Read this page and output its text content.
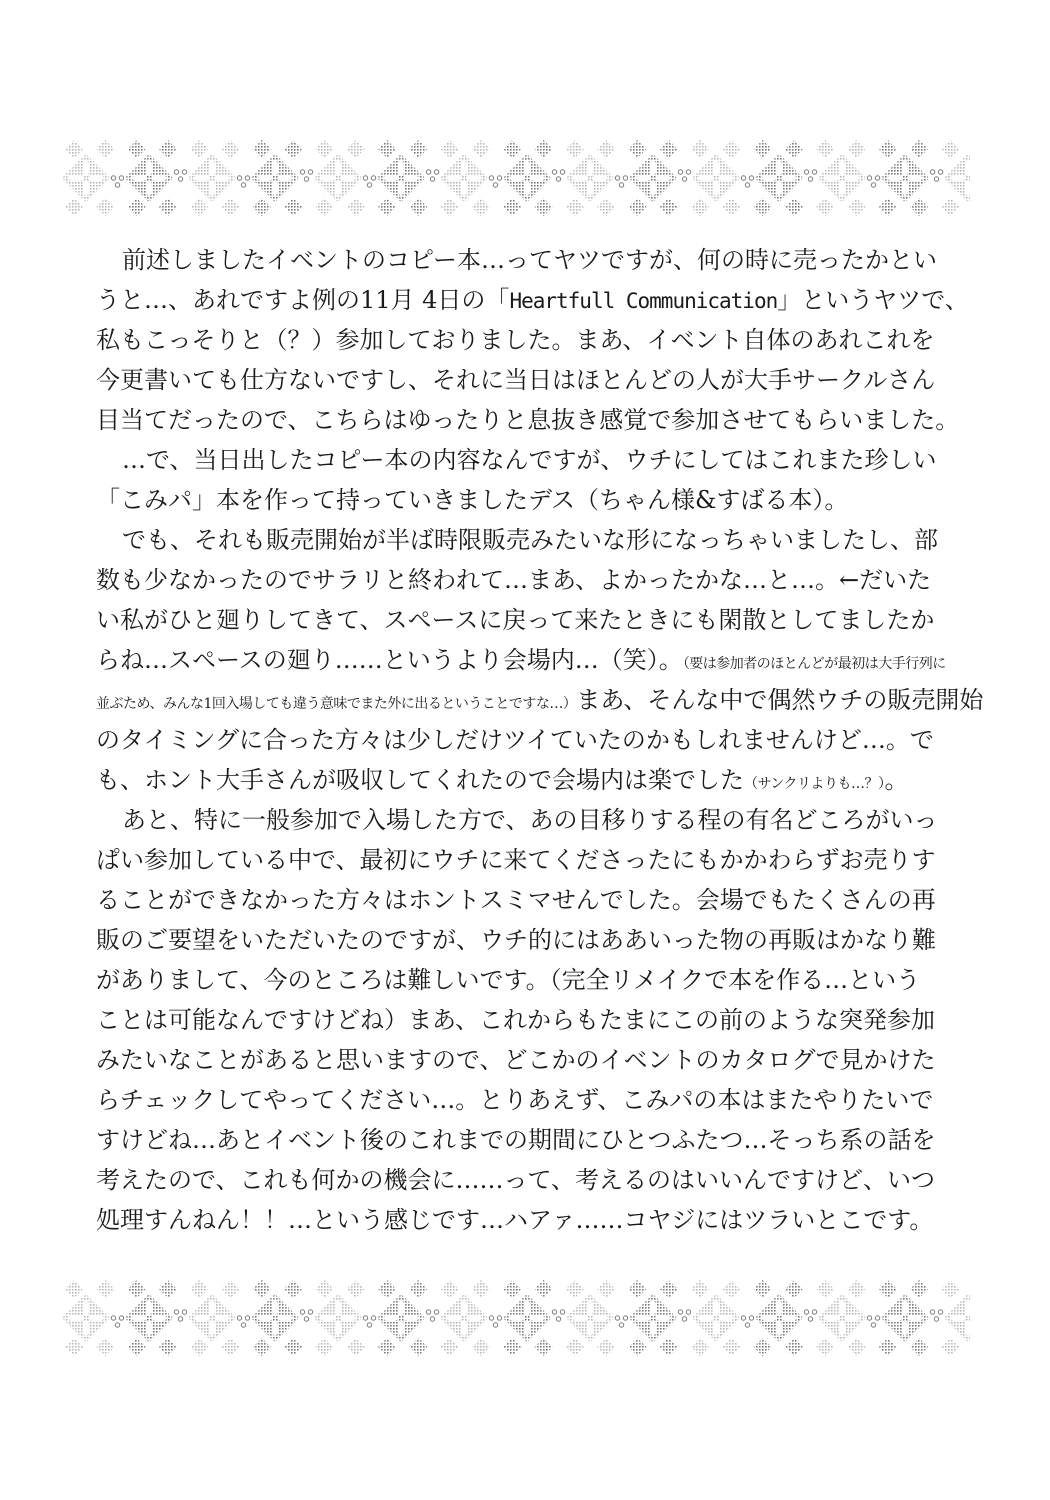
前述しましたイベントのコピー本…ってヤツですが、何の時に売ったかとい
うと…、あれですよ例の11月 4日の「Heartfull Communication」というヤツで、
私もこっそりと（？）参加しておりました。まあ、イベント自体のあれこれを
今更書いても仕方ないですし、それに当日はほとんどの人が大手サークルさん
目当てだったので、こちらはゆったりと息抜き感覚で参加させてもらいました。
…で、当日出したコピー本の内容なんですが、ウチにしてはこれまた珍しい
「こみパ」本を作って持っていきましたデス（ちゃん様&すばる本）。
でも、それも販売開始が半ば時限販売みたいな形になっちゃいましたし、部
数も少なかったのでサラリと終われて…まあ、よかったかな…と…。←だいた
い私がひと廻りしてきて、スペースに戻って来たときにも閑散としてましたか
らね…スペースの廻り……というより会場内…（笑）。（要は参加者のほとんどが最初は大手行列に
並ぶため、みんな1回入場しても違う意味でまた外に出るということですな…）まあ、そんな中で偶然ウチの販売開始
のタイミングに合った方々は少しだけツイていたのかもしれませんけど…。で
も、ホント大手さんが吸収してくれたので会場内は楽でした（サンクリよりも…？）。
あと、特に一般参加で入場した方で、あの目移りする程の有名どころがいっ
ぱい参加している中で、最初にウチに来てくださったにもかかわらずお売りす
ることができなかった方々はホントスミマせんでした。会場でもたくさんの再
販のご要望をいただいたのですが、ウチ的にはああいった物の再販はかなり難
がありまして、今のところは難しいです。（完全リメイクで本を作る…という
ことは可能なんですけどね）まあ、これからもたまにこの前のような突発参加
みたいなことがあると思いますので、どこかのイベントのカタログで見かけた
らチェックしてやってください…。とりあえず、こみパの本はまたやりたいで
すけどね…あとイベント後のこれまでの期間にひとつふたつ…そっち系の話を
考えたので、これも何かの機会に……って、考えるのはいいんですけど、いつ
処理すんねん！！…という感じです…ハアァ……コヤジにはツラいとこです。
